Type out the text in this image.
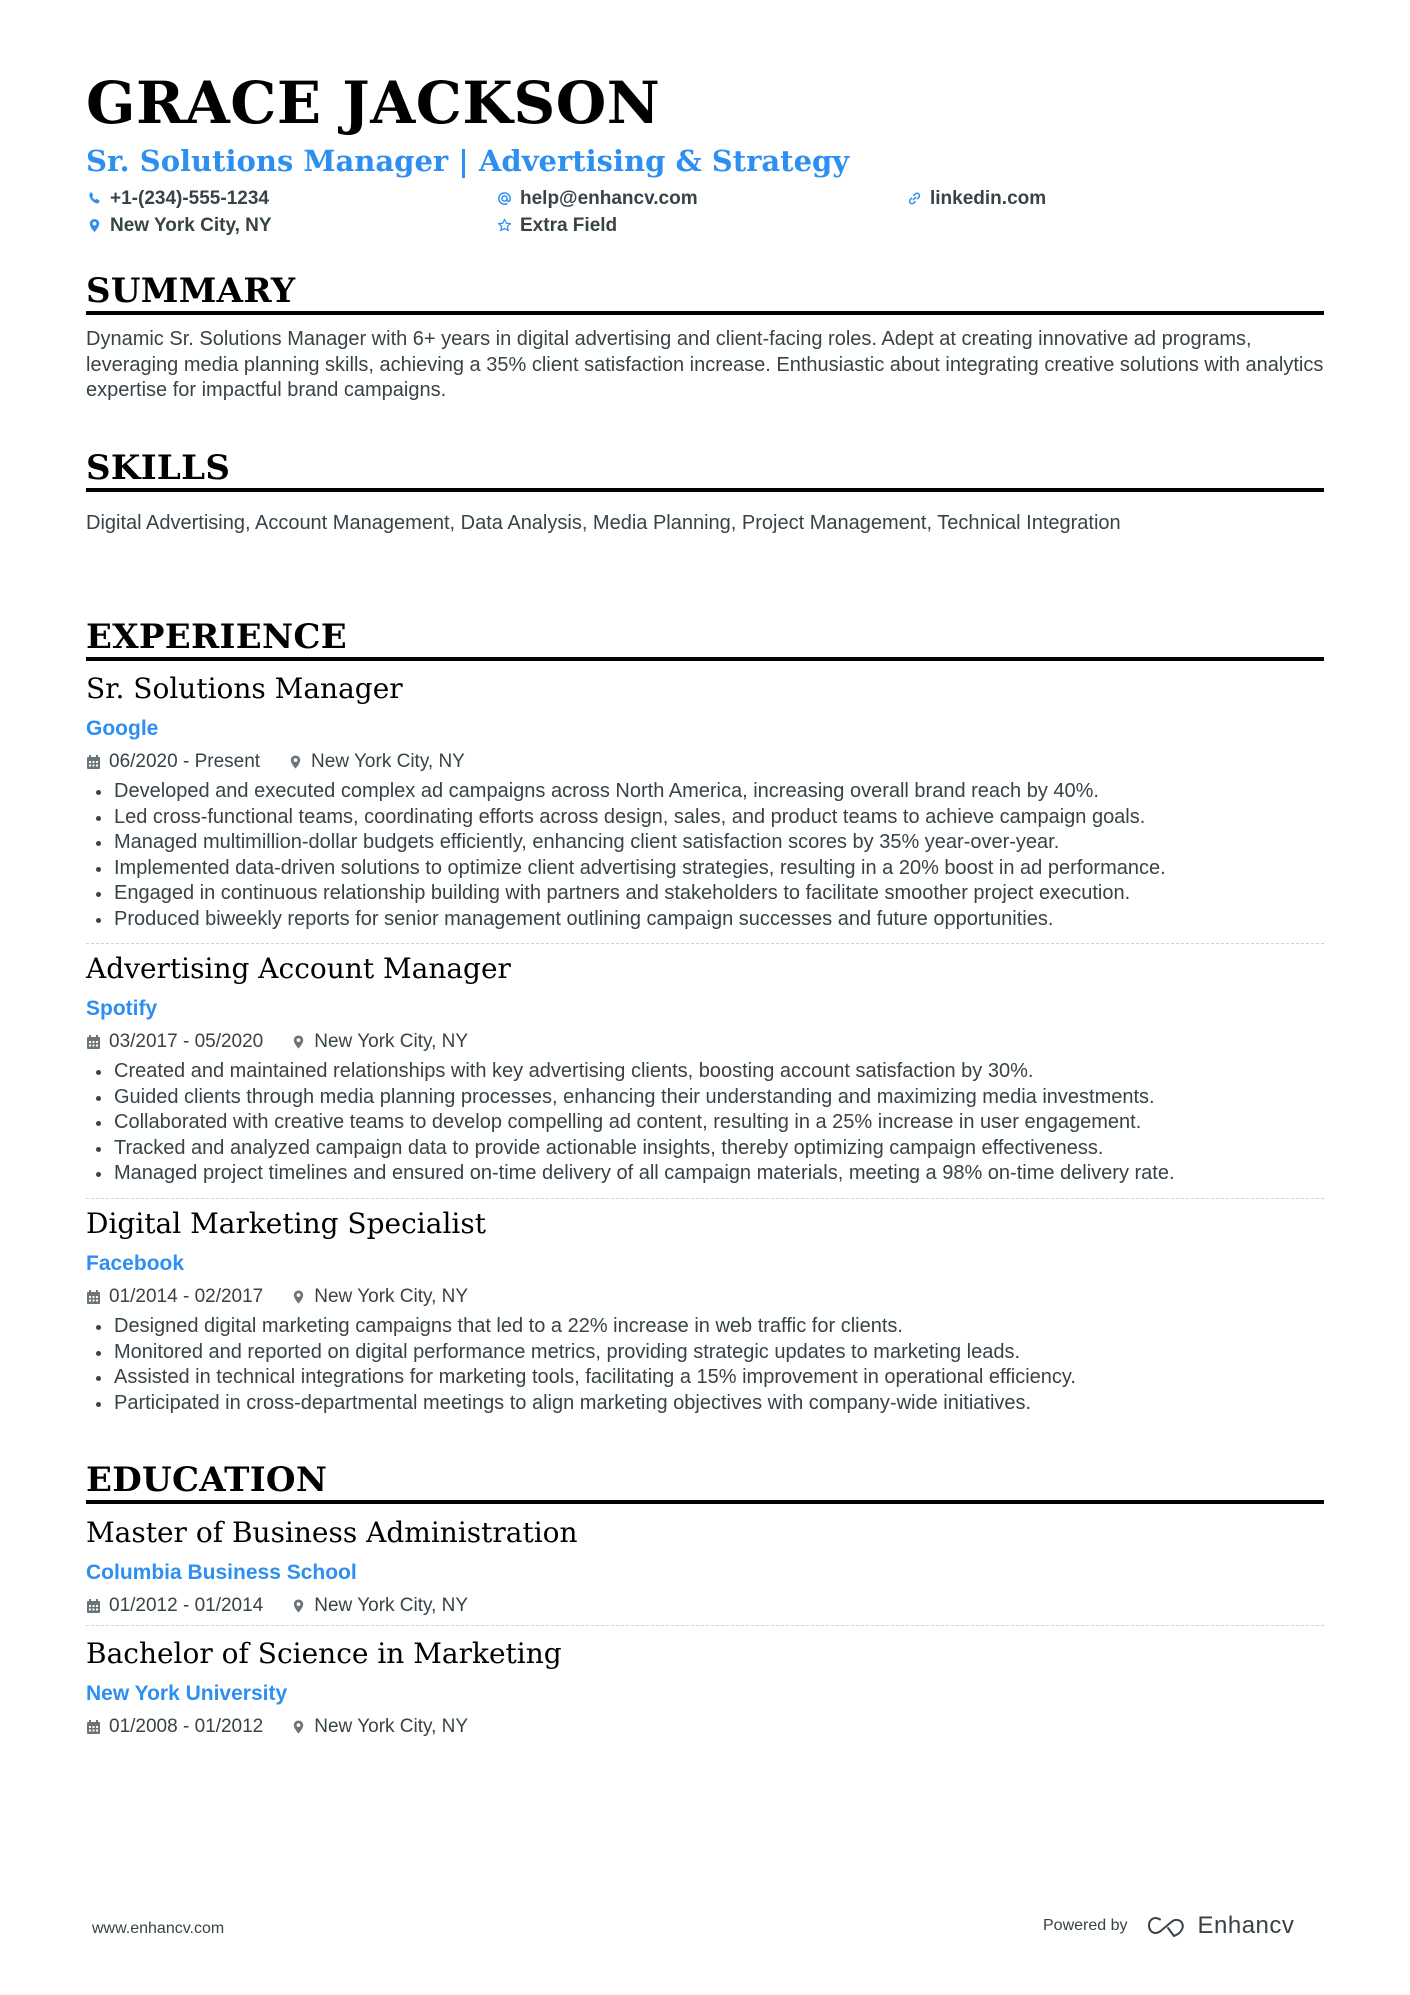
GRACE JACKSON
Sr. Solutions Manager | Advertising & Strategy
+1-(234)-555-1234	help@enhancv.com	linkedin.com
New York City, NY	Extra Field
SUMMARY
Dynamic Sr. Solutions Manager with 6+ years in digital advertising and client-facing roles. Adept at creating innovative ad programs, leveraging media planning skills, achieving a 35% client satisfaction increase. Enthusiastic about integrating creative solutions with analytics expertise for impactful brand campaigns.
SKILLS
Digital Advertising, Account Management, Data Analysis, Media Planning, Project Management, Technical Integration
EXPERIENCE
Sr. Solutions Manager
Google
06/2020 - Present	New York City, NY
Developed and executed complex ad campaigns across North America, increasing overall brand reach by 40%.
Led cross-functional teams, coordinating efforts across design, sales, and product teams to achieve campaign goals.
Managed multimillion-dollar budgets efficiently, enhancing client satisfaction scores by 35% year-over-year.
Implemented data-driven solutions to optimize client advertising strategies, resulting in a 20% boost in ad performance.
Engaged in continuous relationship building with partners and stakeholders to facilitate smoother project execution.
Produced biweekly reports for senior management outlining campaign successes and future opportunities.
Advertising Account Manager
Spotify
03/2017 - 05/2020	New York City, NY
Created and maintained relationships with key advertising clients, boosting account satisfaction by 30%.
Guided clients through media planning processes, enhancing their understanding and maximizing media investments.
Collaborated with creative teams to develop compelling ad content, resulting in a 25% increase in user engagement.
Tracked and analyzed campaign data to provide actionable insights, thereby optimizing campaign effectiveness.
Managed project timelines and ensured on-time delivery of all campaign materials, meeting a 98% on-time delivery rate.
Digital Marketing Specialist
Facebook
01/2014 - 02/2017	New York City, NY
Designed digital marketing campaigns that led to a 22% increase in web traffic for clients.
Monitored and reported on digital performance metrics, providing strategic updates to marketing leads.
Assisted in technical integrations for marketing tools, facilitating a 15% improvement in operational efficiency.
Participated in cross-departmental meetings to align marketing objectives with company-wide initiatives.
EDUCATION
Master of Business Administration
Columbia Business School
01/2012 - 01/2014	New York City, NY
Bachelor of Science in Marketing
New York University
01/2008 - 01/2012	New York City, NY
www.enhancv.com	Powered by	Enhancv
